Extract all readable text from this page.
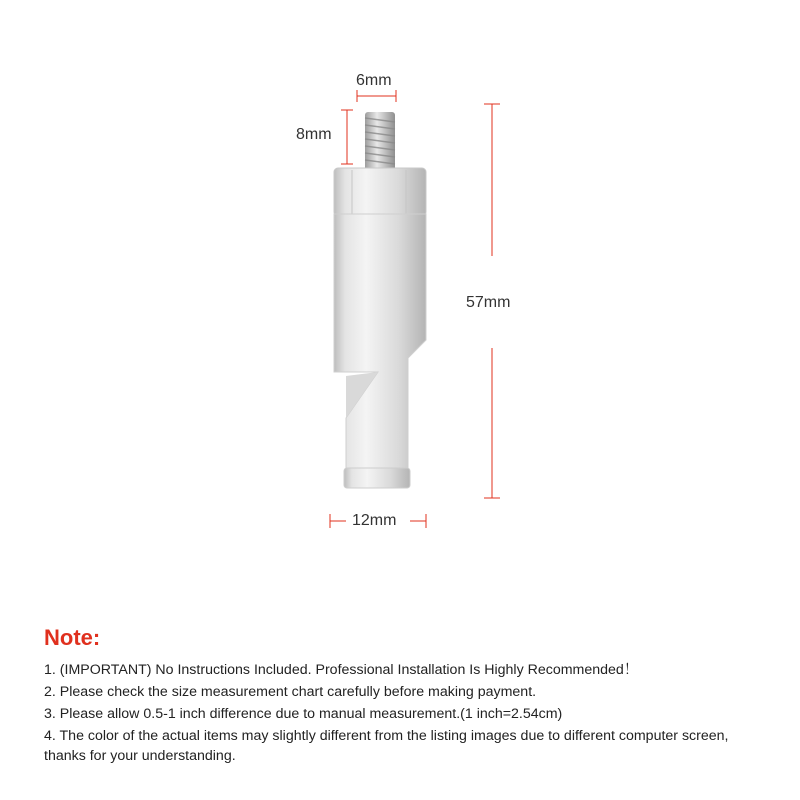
6mm
8mm
57mm
12mm
Note:
1. (IMPORTANT) No Instructions Included. Professional Installation Is Highly Recommended！
2. Please check the size measurement chart carefully before making payment.
3. Please allow 0.5-1 inch difference due to manual measurement.(1 inch=2.54cm)
4. The color of the actual items may slightly different from the listing images due to different computer screen, thanks for your understanding.
